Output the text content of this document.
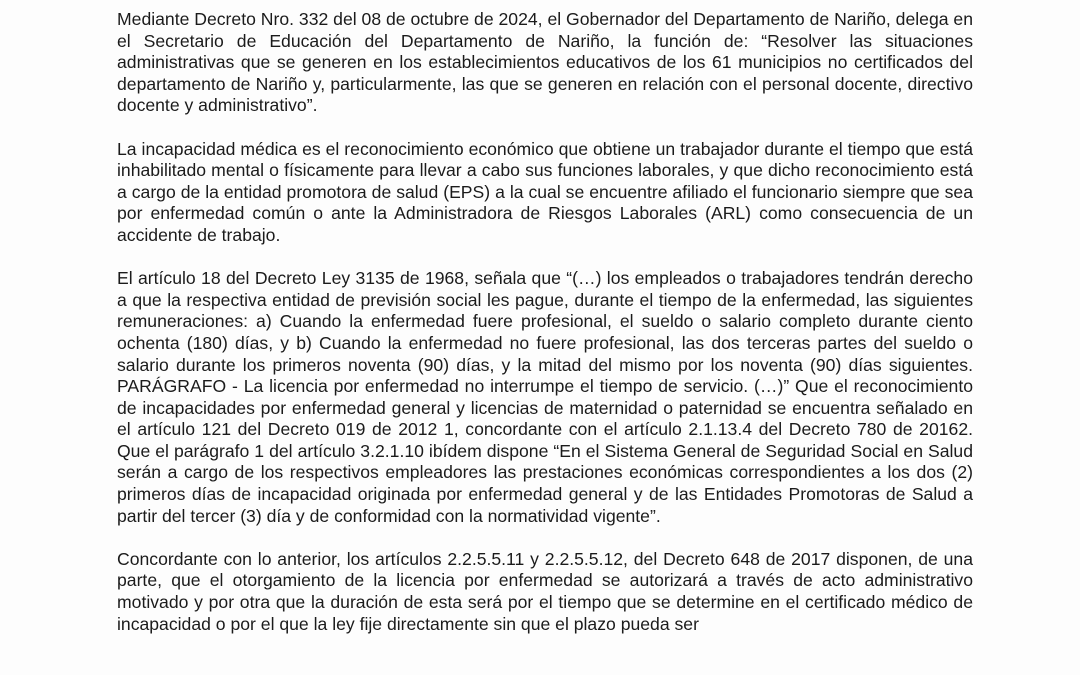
Mediante Decreto Nro. 332 del 08 de octubre de 2024, el Gobernador del Departamento de Nariño, delega en el Secretario de Educación del Departamento de Nariño, la función de: “Resolver las situaciones administrativas que se generen en los establecimientos educativos de los 61 municipios no certificados del departamento de Nariño y, particularmente, las que se generen en relación con el personal docente, directivo docente y administrativo”.

La incapacidad médica es el reconocimiento económico que obtiene un trabajador durante el tiempo que está inhabilitado mental o físicamente para llevar a cabo sus funciones laborales, y que dicho reconocimiento está a cargo de la entidad promotora de salud (EPS) a la cual se encuentre afiliado el funcionario siempre que sea por enfermedad común o ante la Administradora de Riesgos Laborales (ARL) como consecuencia de un accidente de trabajo.

El artículo 18 del Decreto Ley 3135 de 1968, señala que “(…) los empleados o trabajadores tendrán derecho a que la respectiva entidad de previsión social les pague, durante el tiempo de la enfermedad, las siguientes remuneraciones: a) Cuando la enfermedad fuere profesional, el sueldo o salario completo durante ciento ochenta (180) días, y b) Cuando la enfermedad no fuere profesional, las dos terceras partes del sueldo o salario durante los primeros noventa (90) días, y la mitad del mismo por los noventa (90) días siguientes. PARÁGRAFO - La licencia por enfermedad no interrumpe el tiempo de servicio. (…)” Que el reconocimiento de incapacidades por enfermedad general y licencias de maternidad o paternidad se encuentra señalado en el artículo 121 del Decreto 019 de 2012 1, concordante con el artículo 2.1.13.4 del Decreto 780 de 20162. Que el parágrafo 1 del artículo 3.2.1.10 ibídem dispone “En el Sistema General de Seguridad Social en Salud serán a cargo de los respectivos empleadores las prestaciones económicas correspondientes a los dos (2) primeros días de incapacidad originada por enfermedad general y de las Entidades Promotoras de Salud a partir del tercer (3) día y de conformidad con la normatividad vigente”.

Concordante con lo anterior, los artículos 2.2.5.5.11 y 2.2.5.5.12, del Decreto 648 de 2017 disponen, de una parte, que el otorgamiento de la licencia por enfermedad se autorizará a través de acto administrativo motivado y por otra que la duración de esta será por el tiempo que se determine en el certificado médico de incapacidad o por el que la ley fije directamente sin que el plazo pueda ser
